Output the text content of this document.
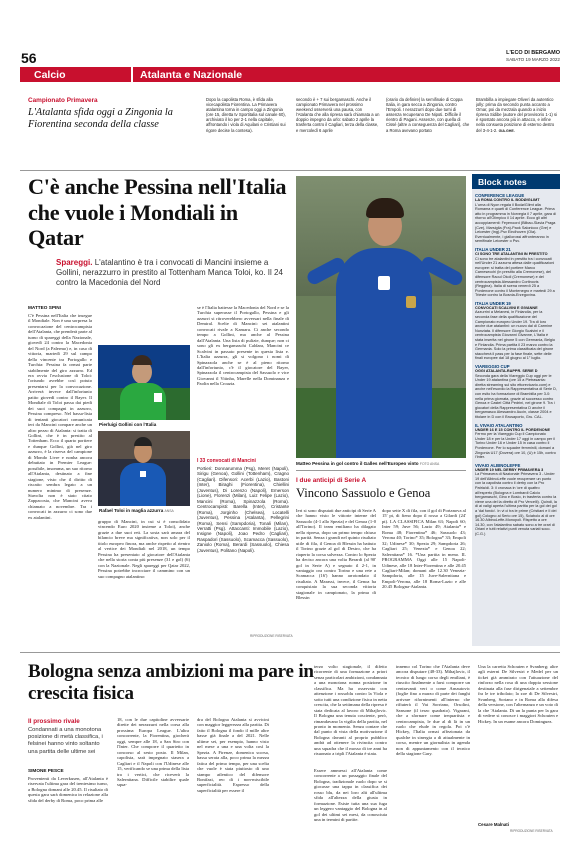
56	L'ECO DI BERGAMO
SABATO 19 MARZO 2022
Calcio	Atalanta e Nazionale
Campionato Primavera
L'Atalanta sfida oggi a Zingonia la Fiorentina seconda della classe
Dopo la capolista Roma, è sfida alla vicecapolista Fiorentina. La Primavera atalantina torna in campo oggi a Zingonia (ore 15, diretta tv Sportitalia sul canale 60), archiviato il ko per 2-1 nella capitale, affrontando i viola di Aquilani e Cristiani sui rigore decise la contesa).
secondo è + 7 sui bergamaschi. Anche il campionato Primavera nel prossimo weekend osserverà una pausa, con l'Atalanta che alla ripresa sarà chiamata a un doppio impegno da urlo: sabato 2 aprile la trasferta contro il Cagliari, terza della classe, e mercoledì 6 aprile
(orario da definire) la semifinale di Coppa Italia, in gara secca a Zingonia, contro l'Empoli. I nerazzurri dopo due turni di assenza recuperano De Nipoti. Difficile il rientro di Pagani. Assenze, con quella di Cissé (altre a conseguenza del Cagliari), che a Roma avevano portato
Brambilla a impiegare Oliveri da autentico jolly: prima da secondo punta accanto a Omar, poi da mezzala quando a inizio ripresa Sidibe (autore del provvisorio 1-1) si è spostato ancora più in attacco, e infine nella consueta posizione di esterno destro del 3-4-1-2. GIA.GHE.
C'è anche Pessina nell'Italia che vuole i Mondiali in Qatar
Spareggi. L'atalantino è tra i convocati di Mancini insieme a Gollini, nerazzurro in prestito al Tottenham Manca Toloi, ko. Il 24 contro la Macedonia del Nord
MATTEO SPINI
C'è Pessina nell'Italia che insegue il Mondiale. Non è una sorpresa la convocazione del centrocampista dell'Atalanta, che prenderà parte al turno di spareggi della Nazionale, giovedì 24 contro la Macedonia del Nord (a Palermo) e, in caso di vittoria, martedì 29 sul campo della vincente tra Portogallo e Turchia: Pessina fa ormai parte stabilmente del giro azzurro. Ed era ovvia l'esclusione di Toloi: l'oriundo avrebbe così potuto presentarsi per la convocazione. Arriverà invece dall'infortunio patito giovedì contro il Bayer. Il Mondiale di Toloi passa dai piedi dei suoi compagni in azzurro, Pessina compreso. Nel bassa-lista di tentanti giocatori comunicata ieri da Mancini compare anche un altro pezzo di Atalanta: si tratta di Gollini, che è in prestito al Tottenham. Ecco il quarto portiere e dunque Gollini, già nel giro azzurro, è la riserva del campione di Mondo Livre e nonha ancora debuttato in Premier League: possibile, insomma, un suo ritorno all'Atalanta, destinato a fine stagione, visto che il diritto di riscatto sembra legato a un numero minimo di presenze. Stavolta non è stato citato Zappacosta, che Mancini aveva chiamato a novembre. Tra i convocati in azzurro ci sono due ex atalantini.
Pierluigi Gollini con l'Italia
Rafael Toloi in maglia azzurra ANSA
gruppo di Mancini, in cui si è consolidato vincendo Euro 2020 insieme a Toloi), anche grazie a due suoi reti. La sosta sarà amara del bilancio breve ma significativa, non solo per il titolo europeo finora, ma anche rispetto al rientro al vertice dei Mondiali nel 2018, un tempo Pessina ha presentato al giocatore dell'Atalanta che nella storia conta più presenze (31 e gol) (6) con la Nazionale. Negli spareggi per Qatar 2022, Pessina potrebbe incrociare il cammino con un suo compagno atalantino:
se è l'Italia battesse la Macedonia del Nord e se la Turchia superasse il Portogallo, Pessina e gli azzurri si ritroverebbero avversari nella finale di Demiral. Scelte di Mancini: sei atalantini convocati rivale a Kamaru. Ci anche secondo tempo a Gollini, ma anche al Pessina dall'Atalanta. Una lista di pulizie, dunque; non ci sono gli ex bergamaschi Caldara, Mancini ce Scalvini in passato presente in questa lista e. L'Italia azzurra, gli si volgono i nomi di Spinazzola anche se è al pieno ritorno dall'infortunio, c'è il giocatore del Bayer, Spinazzola il centrocampista del Sassuolo e vice Giovanni il Vitinha, Marelle nella Dominanza e Paolin nella Croazia.
I 33 convocati di Mancini
Portieri: Donnarumma (Psg), Meret (Napoli), Sirigu (Genoa), Gollini (Tottenham), Cragno (Cagliari). Difensori: Acerbi (Lazio), Bastoni (Inter), Biraghi (Fiorentina), Chiellini (Juventus), Di Lorenzo (Napoli), Emerson (Lione), Florenzi (Milan), Luiz Felipe (Lazio), Mancini (Roma), Spinazzola (Roma). Centrocampisti: Barella (Inter), Cristante (Roma), Jorginho (Chelsea), Locatelli (Juventus), Pessina (Atalanta), Pellegrini (Roma), Sensi (Sampdoria), Tonali (Milan), Verratti (Psg). Attaccanti: Immobile (Lazio), Insigne (Napoli), Joao Pedro (Cagliari), Raspadori (Sassuolo), Scamacca (Sassuolo), Zaniolo (Roma), Berardi (Sassuolo), Chiesa (Juventus), Politano (Napoli).
RIPRODUZIONE RISERVATA
Matteo Pessina in gol contro il Galles nell'Europeo vinto FOTO ANSA
I due anticipi di Serie A
Vincono Sassuolo e Genoa
Ieri si sono disputati due anticipi di Serie A che hanno visto le vittorie interne del Sassuolo (4-1 allo Spezia) e del Genoa (1-0 all'Torino). Il team emiliano ha dilagato nella ripresa, dopo un primo tempo chiuso in parità. Senza i grandi nel quinto risultato utile di fila, il Genoa di Blessin ha battuto il Torino grazie al gol di Destro, che ha riaperto la corsa salvezza. Contro lo Spezia ha deciso ancora una volta Berardi (al 90' gol in Serie A) e segnato il 2-1, in vantaggio ora contro Torino e una rete a Scamacca (16') hanno arrotondato il risultato. A Marassi, invece, il Genoa ha conquistato la sua seconda vittoria stagionale in campionato, la prima di Blessin
dopo sette X di fila, con il gol di Portanova al 15' pt, di fieno dopo il rosso a Gilardi (24' pt). LA CLASSIFICA Milan 63; Napoli 60; Inter 59; Juve 56; Lazio 49; Atalanta* e Roma 48; Fiorentina* 46; Sassuolo 43; Verona 40; Torino* 35; Bologna* 33; Empoli 32; Udinese* 30; Spezia 29; Sampdoria 26; Cagliari 25; Venezia* e Genoa 22; Salernitana* 16. *Una partita in meno. IL PROGRAMMA Oggi alle 15 Napoli-Udinese, alle 18 Inter-Fiorentina e alle 20.45 Cagliari-Milan; domani alle 12.30 Venezia-Sampdoria, alle 15 Juve-Salernitana e Empoli-Verona, alle 18 Roma-Lazio e alle 20.45 Bologna-Atalanta.
Block notes
CONFERENCE LEAGUE
LA ROMA CONTRO IL BODØ/GLIMT
L'urna di Nyon regala il Bodø/Glimt alla Romama e quarti di Conference League. Prima atto in programma in Norvegia il 7 aprile, gara di ritorno all'Olimpico il 14 aprile. Ecco gli altri accoppiamenti: Feyenoord (Bilbao-Slavia Praga (Cze), Marsiglia (Fra)-Paok Salonicco (Gre) e Leicester (Ing)-Psv Eindhoven (Ola). Eventualmente, i giallorossi affronteranno in semifinale Leicester o Psv.
ITALIA UNDER 21
CI SONO TRE ATALANTINI IN PRESTITO
Ci sono tre atalantini in prestito tra i convocati nell'Under 21 azzurra attesa dalle qualificazioni europee: si tratta del portiere Marco Carnesecchi (in prestito alla Cremonese), del difensore Raoul Okoli (Cremonese) e del centrocampista Alessandro Cortinovis (Reggina). Italia di scena venerdì 25 a Pordenone contro il Montenegro e martedì 29 a Trieste contro la Bosnia-Erzegovina.
ITALIA UNDER 19
CONVOCATI SCALVINI E GIVANNE
Azzurrini a Melanesi, in Finlandia, per la seconda fase della qualificazione del Campionato europeo Under 19. Tra di loro anche due atalantini: un nuovo dal di Carmine Nunziata. Il difensore Giorgio Scalvini e il centrocampista Giovanni Givanne, L'Italia è stata inserita nel girone 5 con Germania, Belgio e Finlandia. Prima partita il 23 marzo contro la Germania. Solo la prima classificata del girone staccherà il pass per la fase finale, sette delle finali europee dal 18 giugno al 1° luglio.
VIAREGGIO CUP
OGGI ATALANTA-RAPPR. SERIE D
Seconda gara della Viareggio Cup oggi per le Under 19 atalantina (ore 15 a Pietrasanta: diretta streaming sul sito ettorevicario.com) e anche nell'esordio la Rappresentativa di Serie D, con esito ha formazione di Brambilla per 3-0: nella prima giornata, grazie al successo contro Genoa e Castel Città Pedrini, nel girone 9. Tra i giocatori della Rappresentativa D anche il bergamasco Alessandro Aucin, classe 2004 e titolare in D con il Brusaporto, Gru. CAL.
IL VIVAIO ATALANTINO
UNDER 16 E 15 CONTRO IL PORDENONE
Fermo per la Viareggio Cup il Campionato Under 18 e per la Under 17 oggi in campo per il Torino Under 16 e Under 15 in casa contro il Pordenone. Per lo squadre femminili, domani a Zingonia U17 (Dovera) ore 10, (U) è 15h, contro l'Inter.
VIVAIO ALBINOLEFFE
UNDER 19 NEL DERBY PRIMAVERA 3
La Primavera di Nazionale Primavera 3 - Under 19 dell'AlbinoLeffe vuole recuperare un punto con la capolista contro il derby con la Pro Patria/di. 3: il cronaca in 'ore di quattro all'esperto (Bologna e Lombardi Calcio bergamaschi, Gino e Bosio, in trasferta contro la viene una del la diretto di Pro Vercelli). Quindi, la di ai valigi aperta l'ultima partita per la gol dei gol a 'dal fondo'. In vi ci tra le prime (Cristiani e Il dei gol) Cologno al Serio ore 15), Sciabolo al di ore 16.30 AlbinoLeffe-Monopoli. Rispetto a ore 14.30, con l'atalantino sabato sono a tre orari di Oriani e tutti relativi punti venuta variati soco. (C.G.)
Bologna senza ambizioni ma pare in crescita fisica
Il prossimo rivale
Condannati a una monotona posizione di metà classifica, i felsinei hanno vinto soltanto una partita delle ultime sei
SIMONE PESCE
Provenienti da Leverkusen, all'Atalanta è riservata l'ultima gara del trentesimo turno, a Bologna domani alle 20.45. Il risultato di questa gara sarà domenica in relazione alla sfida del derby di Roma, poco prima alle
18, con le due capitoline avversarie dirette dei nerazzurri nella corsa alla prossima Europa League. L'ultra concorrente, la Fiorentina, giocherà oggi, sempre alle 18, a San Siro con l'Inter. Che comporre il quartetto in concorso al sesto posto. Il Milan, capolista, sarà impegnato stasera a Cagliari e il Napoli con l'Udinese alle 15, verificando se una prima della lista tra i vertici, che riceverà la Salernitana. Difficile stabilire quale squa-
dra del Bologna Atalanta si avvicini con maggior leggerezza alla partita. Di fatto il Bologna il fondo il mille altre basse già finale a del 2021. Nelle ultime sei, per esempio, hanno visto nel mese a una e una volta così la Spezia. A Firenze, domenica scorsa, bassa serata alla, poco prima la mezza fatica del primo tempo, per una scelta che vuole è stata piuttosto di uno stampo atlentico del difensore Bonifazi, reo di i non-miscibile superficialità. Espresso della superficialità per essere il
terzo volto stagionale, il difetto ricorrente di una formazione a priori senza particolari ambizioni, condannata a una monotona nonna posizione in classifica. Ma ha osservato con attenzione i rossoblu contro la Viola e sotto tutti una condizione fisica in netta crescita, che la settimana della ripresa è stata dedicata al lavoro di Mihajlovic. Il Bologna una tenuta cosciente, però, rimandavano la vigilia della partita, nel pronto in momento. Senza contare che dal punto di vista della motivazione il Bologna davanti al proprio pubblico andrà ad ottenere la rivincita contro una squadra che il mosso di tre anni ha risuonato a tripli l'Atalanta è stata.
Essere ammessi all'Atalanta come concorrente a un passaggio finale del Bologna, tradizionale ruolo dopo se si giocasse una tappa in classifica dei rosso blu, da nei loro alti all'ultima sfida all'altezza della giusta in formazione. Esiste tutta una sua fuga un leggero vantaggio del Bologna in al gol dei ultimi sei mesi, da conosciuta una in termini di partite.
innemo col Torino che l'Atalanta deve ancora disputare (48-33). Mihajlovic, il tecnico di lungo corso degli emiliani, è riuscito finalmente a farsi comporre un centravanti veri o come Arnautovic (foglie fino a marzo di parte dei fanghi arrivare rifornimenti all'interno che rifiuterà il Vai Sorriano, Orsolini, Sansone (il terzo quadrato). Vigarani, che a sfornare come trequartista e centrocampista, le due al di là in un ruolo che elude in regola. Poi c'è Hickey, l'Italia ormai affezionata da qualche in sinergia a di attualmente in corso, mentre un giornalista in agenda non di appuntamento con il tecnico della stagione Gary.
Una la carretta Schouten e Svanberg; altre agli esterni De Silvestri e Medel per un ticket già ammirato con l'attuazione del rinforzo nella rosa di una doppia sessione destinata alla fase dirigenziale a settembre fra le tre tribolato; la zoe di De Silvestri, Svanberg, Soriano e in Roma alla difesa della versione, con l'alternanza e un voto di la che 'Atalanta. Di un la punta per la gara di vedere si conosce i maggiori Schouten e Hickey. In un esame ancora Dominguez.
Cesare Malnati
RIPRODUZIONE RISERVATA
